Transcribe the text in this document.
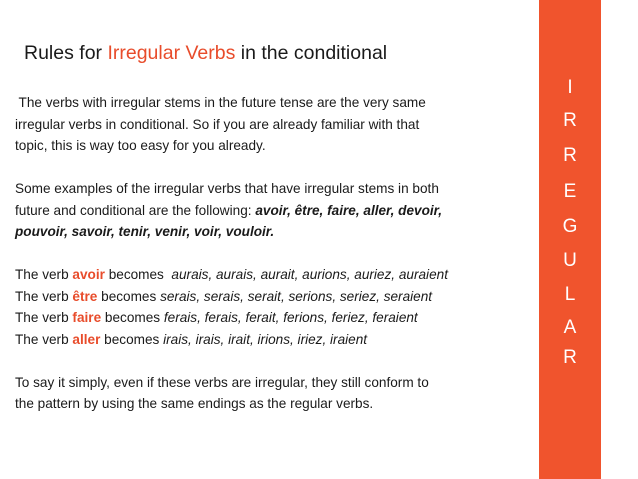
Rules for Irregular Verbs in the conditional

The verbs with irregular stems in the future tense are the very same

irregular verbs in conditional. So if you are already familiar with that

topic, this is way too easy for you already.

Some examples of the irregular verbs that have irregular stems in both

future and conditional are the following: avoir, être, faire, aller, devoir,

pouvoir, savoir, tenir, venir, voir, vouloir.

The verb avoir becomes  aurais, aurais, aurait, aurions, auriez, auraient

The verb être becomes serais, serais, serait, serions, seriez, seraient

The verb faire becomes ferais, ferais, ferait, ferions, feriez, feraient

The verb aller becomes irais, irais, irait, irions, iriez, iraient

To say it simply, even if these verbs are irregular, they still conform to

the pattern by using the same endings as the regular verbs.

I
R
R
E
G
U
L
A
R
